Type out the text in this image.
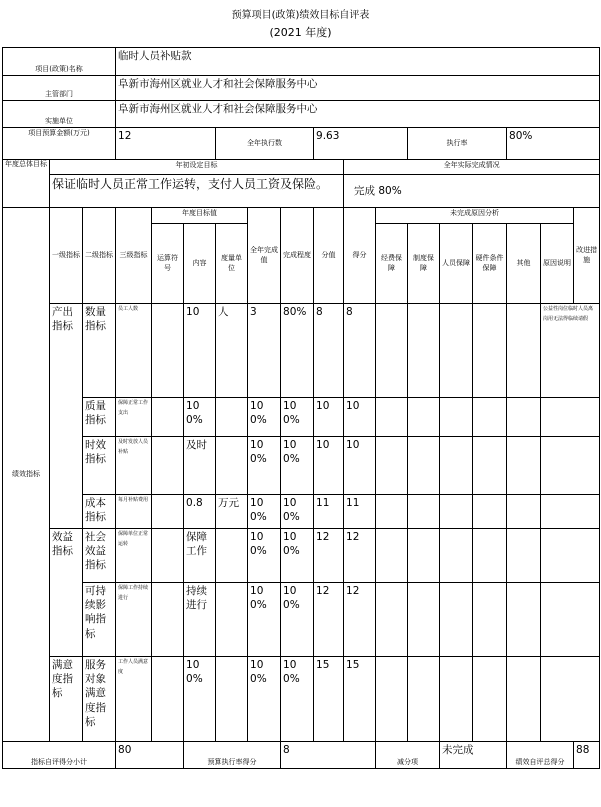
预算项目(政策)绩效目标自评表
(2021 年度)
项目(政策)名称			临时人员补贴款														
主管部门			阜新市海州区就业人才和社会保障服务中心														
实施单位			阜新市海州区就业人才和社会保障服务中心														
项目预算金额(万元)			12			全年执行数			9.63			执行率			80%		
年度总体目标	年初设定目标									全年实际完成情况							
	保证临时人员正常工作运转，支付人员工资及保险。									完成 80%							
绩效指标	一级指标	二级指标	三级指标	年度目标值			全年完成值	完成程度	分值	得分	未完成原因分析						改进措施
				运算符号	内容	度量单位					经费保障	制度保障	人员保障	硬件条件保障	其他	原因说明	
	产出指标	数量指标	员工人数		10	人	3	80%	8	8						公益性岗位临时人员离岗用无法得临续请假	
		质量指标	保障正常工作支出		100%		100%	100%	10	10							
		时效指标	及时发放人员补贴		及时		100%	100%	10	10							
		成本指标	每月补贴费用		0.8	万元	100%	100%	11	11							
	效益指标	社会效益指标	保障单位正常运转		保障工作		100%	100%	12	12							
		可持续影响指标	保障工作持续进行		持续进行		100%	100%	12	12							
	满意度指标	服务对象满意度指标	工作人员满意度		100%		100%	100%	15	15							
指标自评得分小计			80		预算执行率得分			8			减分项		未完成		绩效自评总得分		88
